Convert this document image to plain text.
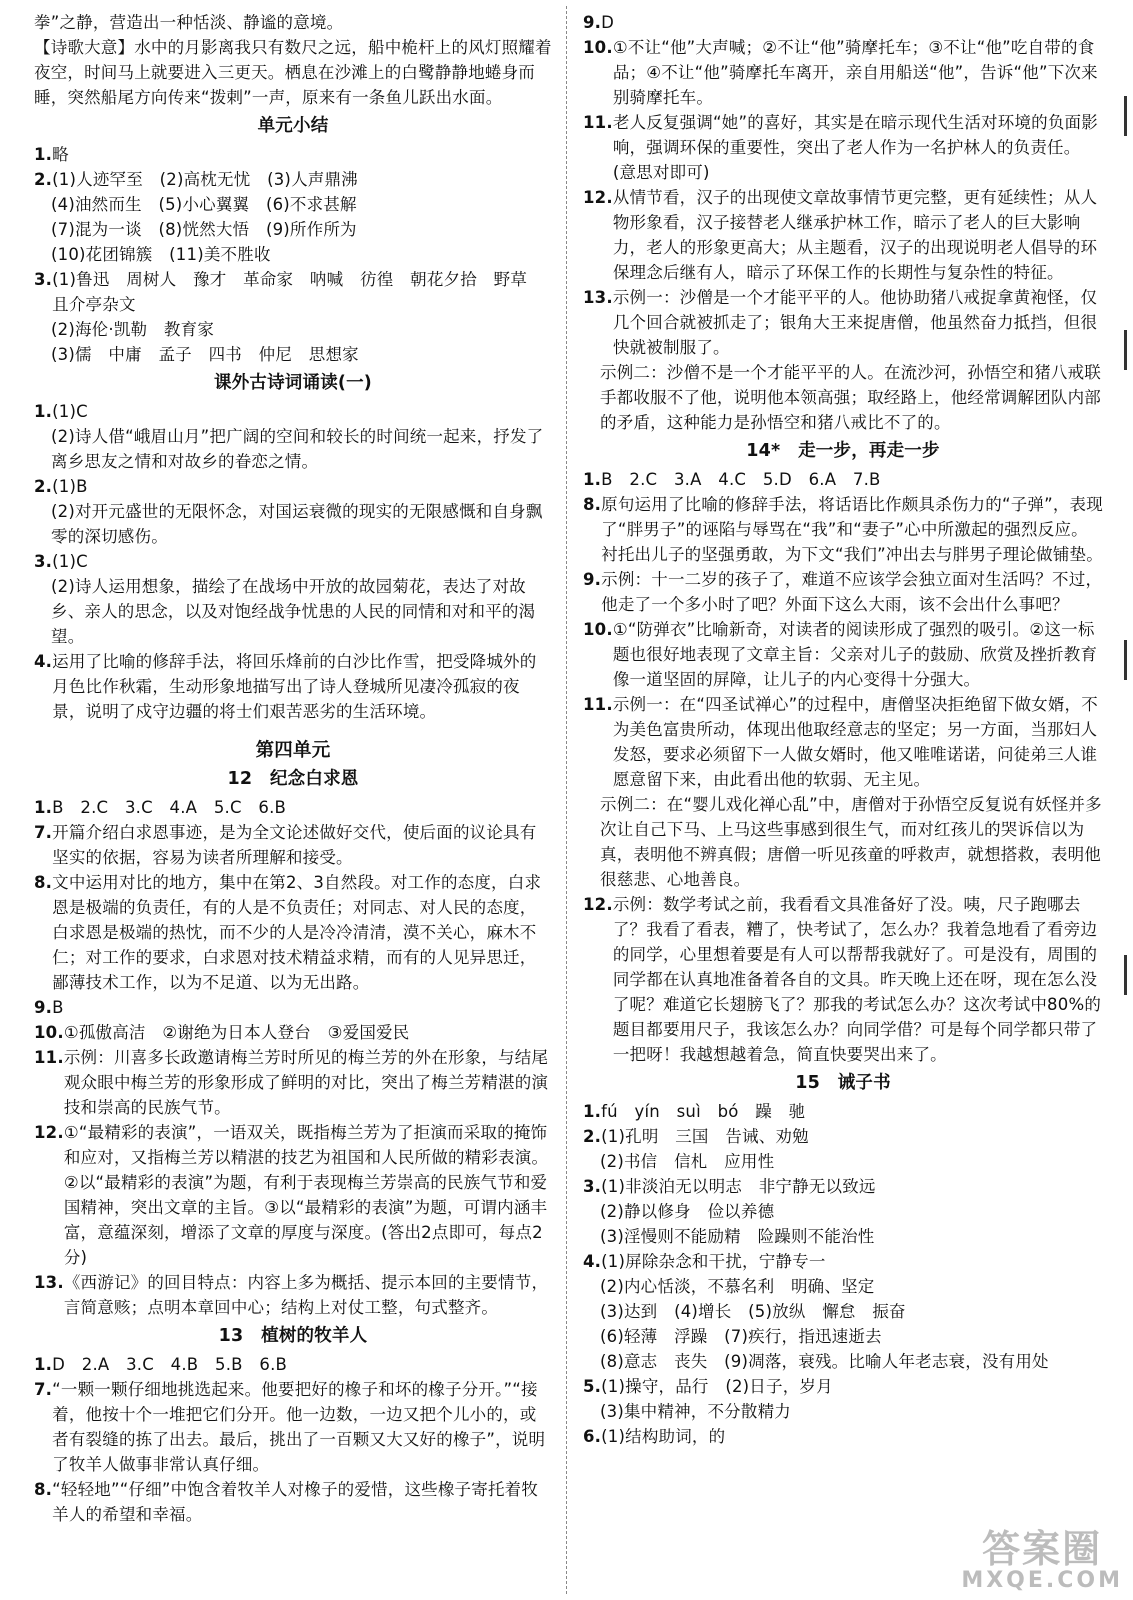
拳”之静，营造出一种恬淡、静谧的意境。
【诗歌大意】水中的月影离我只有数尺之远，船中桅杆上的风灯照耀着夜空，时间马上就要进入三更天。栖息在沙滩上的白鹭静静地蜷身而睡，突然船尾方向传来“拨剌”一声，原来有一条鱼儿跃出水面。
单元小结
1. 略
2. (1)人迹罕至　(2)高枕无忧　(3)人声鼎沸
(4)油然而生　(5)小心翼翼　(6)不求甚解
(7)混为一谈　(8)恍然大悟　(9)所作所为
(10)花团锦簇　(11)美不胜收
3. (1)鲁迅　周树人　豫才　革命家　呐喊　彷徨　朝花夕拾　野草　且介亭杂文
(2)海伦·凯勒　教育家
(3)儒　中庸　孟子　四书　仲尼　思想家
课外古诗词诵读(一)
1. (1)C
(2)诗人借“峨眉山月”把广阔的空间和较长的时间统一起来，抒发了离乡思友之情和对故乡的眷恋之情。
2. (1)B
(2)对开元盛世的无限怀念，对国运衰微的现实的无限感慨和自身飘零的深切感伤。
3. (1)C
(2)诗人运用想象，描绘了在战场中开放的故园菊花，表达了对故乡、亲人的思念，以及对饱经战争忧患的人民的同情和对和平的渴望。
4. 运用了比喻的修辞手法，将回乐烽前的白沙比作雪，把受降城外的月色比作秋霜，生动形象地描写出了诗人登城所见凄冷孤寂的夜景，说明了戍守边疆的将士们艰苦恶劣的生活环境。
第四单元
12　纪念白求恩
1. B　2.C　3.C　4.A　5.C　6.B
7. 开篇介绍白求恩事迹，是为全文论述做好交代，使后面的议论具有坚实的依据，容易为读者所理解和接受。
8. 文中运用对比的地方，集中在第2、3自然段。对工作的态度，白求恩是极端的负责任，有的人是不负责任；对同志、对人民的态度，白求恩是极端的热忱，而不少的人是冷冷清清，漠不关心，麻木不仁；对工作的要求，白求恩对技术精益求精，而有的人见异思迁，鄙薄技术工作，以为不足道、以为无出路。
9. B
10. ①孤傲高洁　②谢绝为日本人登台　③爱国爱民
11. 示例：川喜多长政邀请梅兰芳时所见的梅兰芳的外在形象，与结尾观众眼中梅兰芳的形象形成了鲜明的对比，突出了梅兰芳精湛的演技和崇高的民族气节。
12. ①“最精彩的表演”，一语双关，既指梅兰芳为了拒演而采取的掩饰和应对，又指梅兰芳以精湛的技艺为祖国和人民所做的精彩表演。②以“最精彩的表演”为题，有利于表现梅兰芳崇高的民族气节和爱国精神，突出文章的主旨。③以“最精彩的表演”为题，可谓内涵丰富，意蕴深刻，增添了文章的厚度与深度。(答出2点即可，每点2分)
13. 《西游记》的回目特点：内容上多为概括、提示本回的主要情节，言简意赅；点明本章回中心；结构上对仗工整，句式整齐。
13　植树的牧羊人
1. D　2.A　3.C　4.B　5.B　6.B
7. “一颗一颗仔细地挑选起来。他要把好的橡子和坏的橡子分开。”“接着，他按十个一堆把它们分开。他一边数，一边又把个儿小的，或者有裂缝的拣了出去。最后，挑出了一百颗又大又好的橡子”，说明了牧羊人做事非常认真仔细。
8. “轻轻地”“仔细”中饱含着牧羊人对橡子的爱惜，这些橡子寄托着牧羊人的希望和幸福。
9. D
10. ①不让“他”大声喊；②不让“他”骑摩托车；③不让“他”吃自带的食品；④不让“他”骑摩托车离开，亲自用船送“他”，告诉“他”下次来别骑摩托车。
11. 老人反复强调“她”的喜好，其实是在暗示现代生活对环境的负面影响，强调环保的重要性，突出了老人作为一名护林人的负责任。(意思对即可)
12. 从情节看，汉子的出现使文章故事情节更完整，更有延续性；从人物形象看，汉子接替老人继承护林工作，暗示了老人的巨大影响力，老人的形象更高大；从主题看，汉子的出现说明老人倡导的环保理念后继有人，暗示了环保工作的长期性与复杂性的特征。
13. 示例一：沙僧是一个才能平平的人。他协助猪八戒捉拿黄袍怪，仅几个回合就被抓走了；银角大王来捉唐僧，他虽然奋力抵挡，但很快就被制服了。
示例二：沙僧不是一个才能平平的人。在流沙河，孙悟空和猪八戒联手都收服不了他，说明他本领高强；取经路上，他经常调解团队内部的矛盾，这种能力是孙悟空和猪八戒比不了的。
14*　走一步，再走一步
1. B　2.C　3.A　4.C　5.D　6.A　7.B
8. 原句运用了比喻的修辞手法，将话语比作颇具杀伤力的“子弹”，表现了“胖男子”的诬陷与辱骂在“我”和“妻子”心中所激起的强烈反应。衬托出儿子的坚强勇敢，为下文“我们”冲出去与胖男子理论做铺垫。
9. 示例：十一二岁的孩子了，难道不应该学会独立面对生活吗？不过，他走了一个多小时了吧？外面下这么大雨，该不会出什么事吧？
10. ①“防弹衣”比喻新奇，对读者的阅读形成了强烈的吸引。②这一标题也很好地表现了文章主旨：父亲对儿子的鼓励、欣赏及挫折教育像一道坚固的屏障，让儿子的内心变得十分强大。
11. 示例一：在“四圣试禅心”的过程中，唐僧坚决拒绝留下做女婿，不为美色富贵所动，体现出他取经意志的坚定；另一方面，当那妇人发怒，要求必须留下一人做女婿时，他又唯唯诺诺，问徒弟三人谁愿意留下来，由此看出他的软弱、无主见。
示例二：在“婴儿戏化禅心乱”中，唐僧对于孙悟空反复说有妖怪并多次让自己下马、上马这些事感到很生气，而对红孩儿的哭诉信以为真，表明他不辨真假；唐僧一听见孩童的呼救声，就想搭救，表明他很慈悲、心地善良。
12. 示例：数学考试之前，我看看文具准备好了没。咦，尺子跑哪去了？我看了看表，糟了，快考试了，怎么办？我着急地看了看旁边的同学，心里想着要是有人可以帮帮我就好了。可是没有，周围的同学都在认真地准备着各自的文具。昨天晚上还在呀，现在怎么没了呢？难道它长翅膀飞了？那我的考试怎么办？这次考试中80%的题目都要用尺子，我该怎么办？向同学借？可是每个同学都只带了一把呀！我越想越着急，简直快要哭出来了。
15　诫子书
1. fú　yín　suì　bó　躁　驰
2. (1)孔明　三国　告诫、劝勉
(2)书信　信札　应用性
3. (1)非淡泊无以明志　非宁静无以致远
(2)静以修身　俭以养德
(3)淫慢则不能励精　险躁则不能治性
4. (1)屏除杂念和干扰，宁静专一
(2)内心恬淡，不慕名利　明确、坚定
(3)达到　(4)增长　(5)放纵　懈怠　振奋
(6)轻薄　浮躁　(7)疾行，指迅速逝去
(8)意志　丧失　(9)凋落，衰残。比喻人年老志衰，没有用处
5. (1)操守，品行　(2)日子，岁月
(3)集中精神，不分散精力
6. (1)结构助词，的
答案圈
MXQE.COM
